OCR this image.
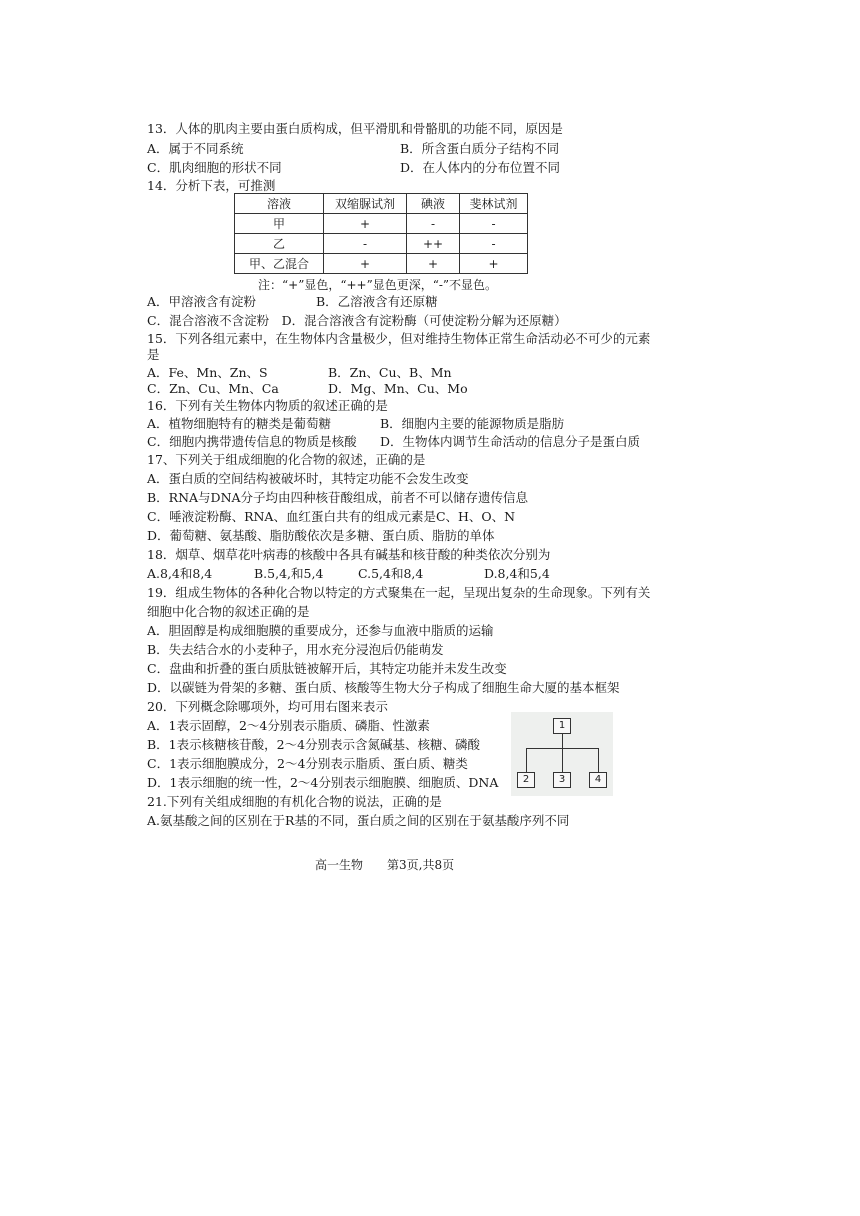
13．人体的肌肉主要由蛋白质构成，但平滑肌和骨骼肌的功能不同，原因是
A．属于不同系统	B．所含蛋白质分子结构不同
C．肌肉细胞的形状不同	D．在人体内的分布位置不同
14．分析下表，可推测
溶液	双缩脲试剂	碘液	斐林试剂
甲	+	-	-
乙	-	++	-
甲、乙混合	+	+	+
注：“+”显色，“++”显色更深，“-”不显色。
A．甲溶液含有淀粉	B．乙溶液含有还原糖
C．混合溶液不含淀粉　D．混合溶液含有淀粉酶（可使淀粉分解为还原糖）
15．下列各组元素中，在生物体内含量极少，但对维持生物体正常生命活动必不可少的元素
是
A．Fe、Mn、Zn、S	B．Zn、Cu、B、Mn
C．Zn、Cu、Mn、Ca	D．Mg、Mn、Cu、Mo
16．下列有关生物体内物质的叙述正确的是
A．植物细胞特有的糖类是葡萄糖	B．细胞内主要的能源物质是脂肪
C．细胞内携带遗传信息的物质是核酸 D．生物体内调节生命活动的信息分子是蛋白质
17、下列关于组成细胞的化合物的叙述，正确的是
A．蛋白质的空间结构被破坏时，其特定功能不会发生改变
B．RNA与DNA分子均由四种核苷酸组成，前者不可以储存遗传信息
C．唾液淀粉酶、RNA、血红蛋白共有的组成元素是C、H、O、N
D．葡萄糖、氨基酸、脂肪酸依次是多糖、蛋白质、脂肪的单体
18．烟草、烟草花叶病毒的核酸中各具有碱基和核苷酸的种类依次分别为
A.8,4和8,4	B.5,4,和5,4	C.5,4和8,4	D.8,4和5,4
19．组成生物体的各种化合物以特定的方式聚集在一起，呈现出复杂的生命现象。下列有关
细胞中化合物的叙述正确的是
A．胆固醇是构成细胞膜的重要成分，还参与血液中脂质的运输
B．失去结合水的小麦种子，用水充分浸泡后仍能萌发
C．盘曲和折叠的蛋白质肽链被解开后，其特定功能并未发生改变
D．以碳链为骨架的多糖、蛋白质、核酸等生物大分子构成了细胞生命大厦的基本框架
20．下列概念除哪项外，均可用右图来表示
A．1表示固醇，2～4分别表示脂质、磷脂、性激素
B．1表示核糖核苷酸，2～4分别表示含氮碱基、核糖、磷酸
C．1表示细胞膜成分，2～4分别表示脂质、蛋白质、糖类
D．1表示细胞的统一性，2～4分别表示细胞膜、细胞质、DNA
1
2	3	4
21.下列有关组成细胞的有机化合物的说法，正确的是
A.氨基酸之间的区别在于R基的不同，蛋白质之间的区别在于氨基酸序列不同
高一生物　　第3页,共8页
